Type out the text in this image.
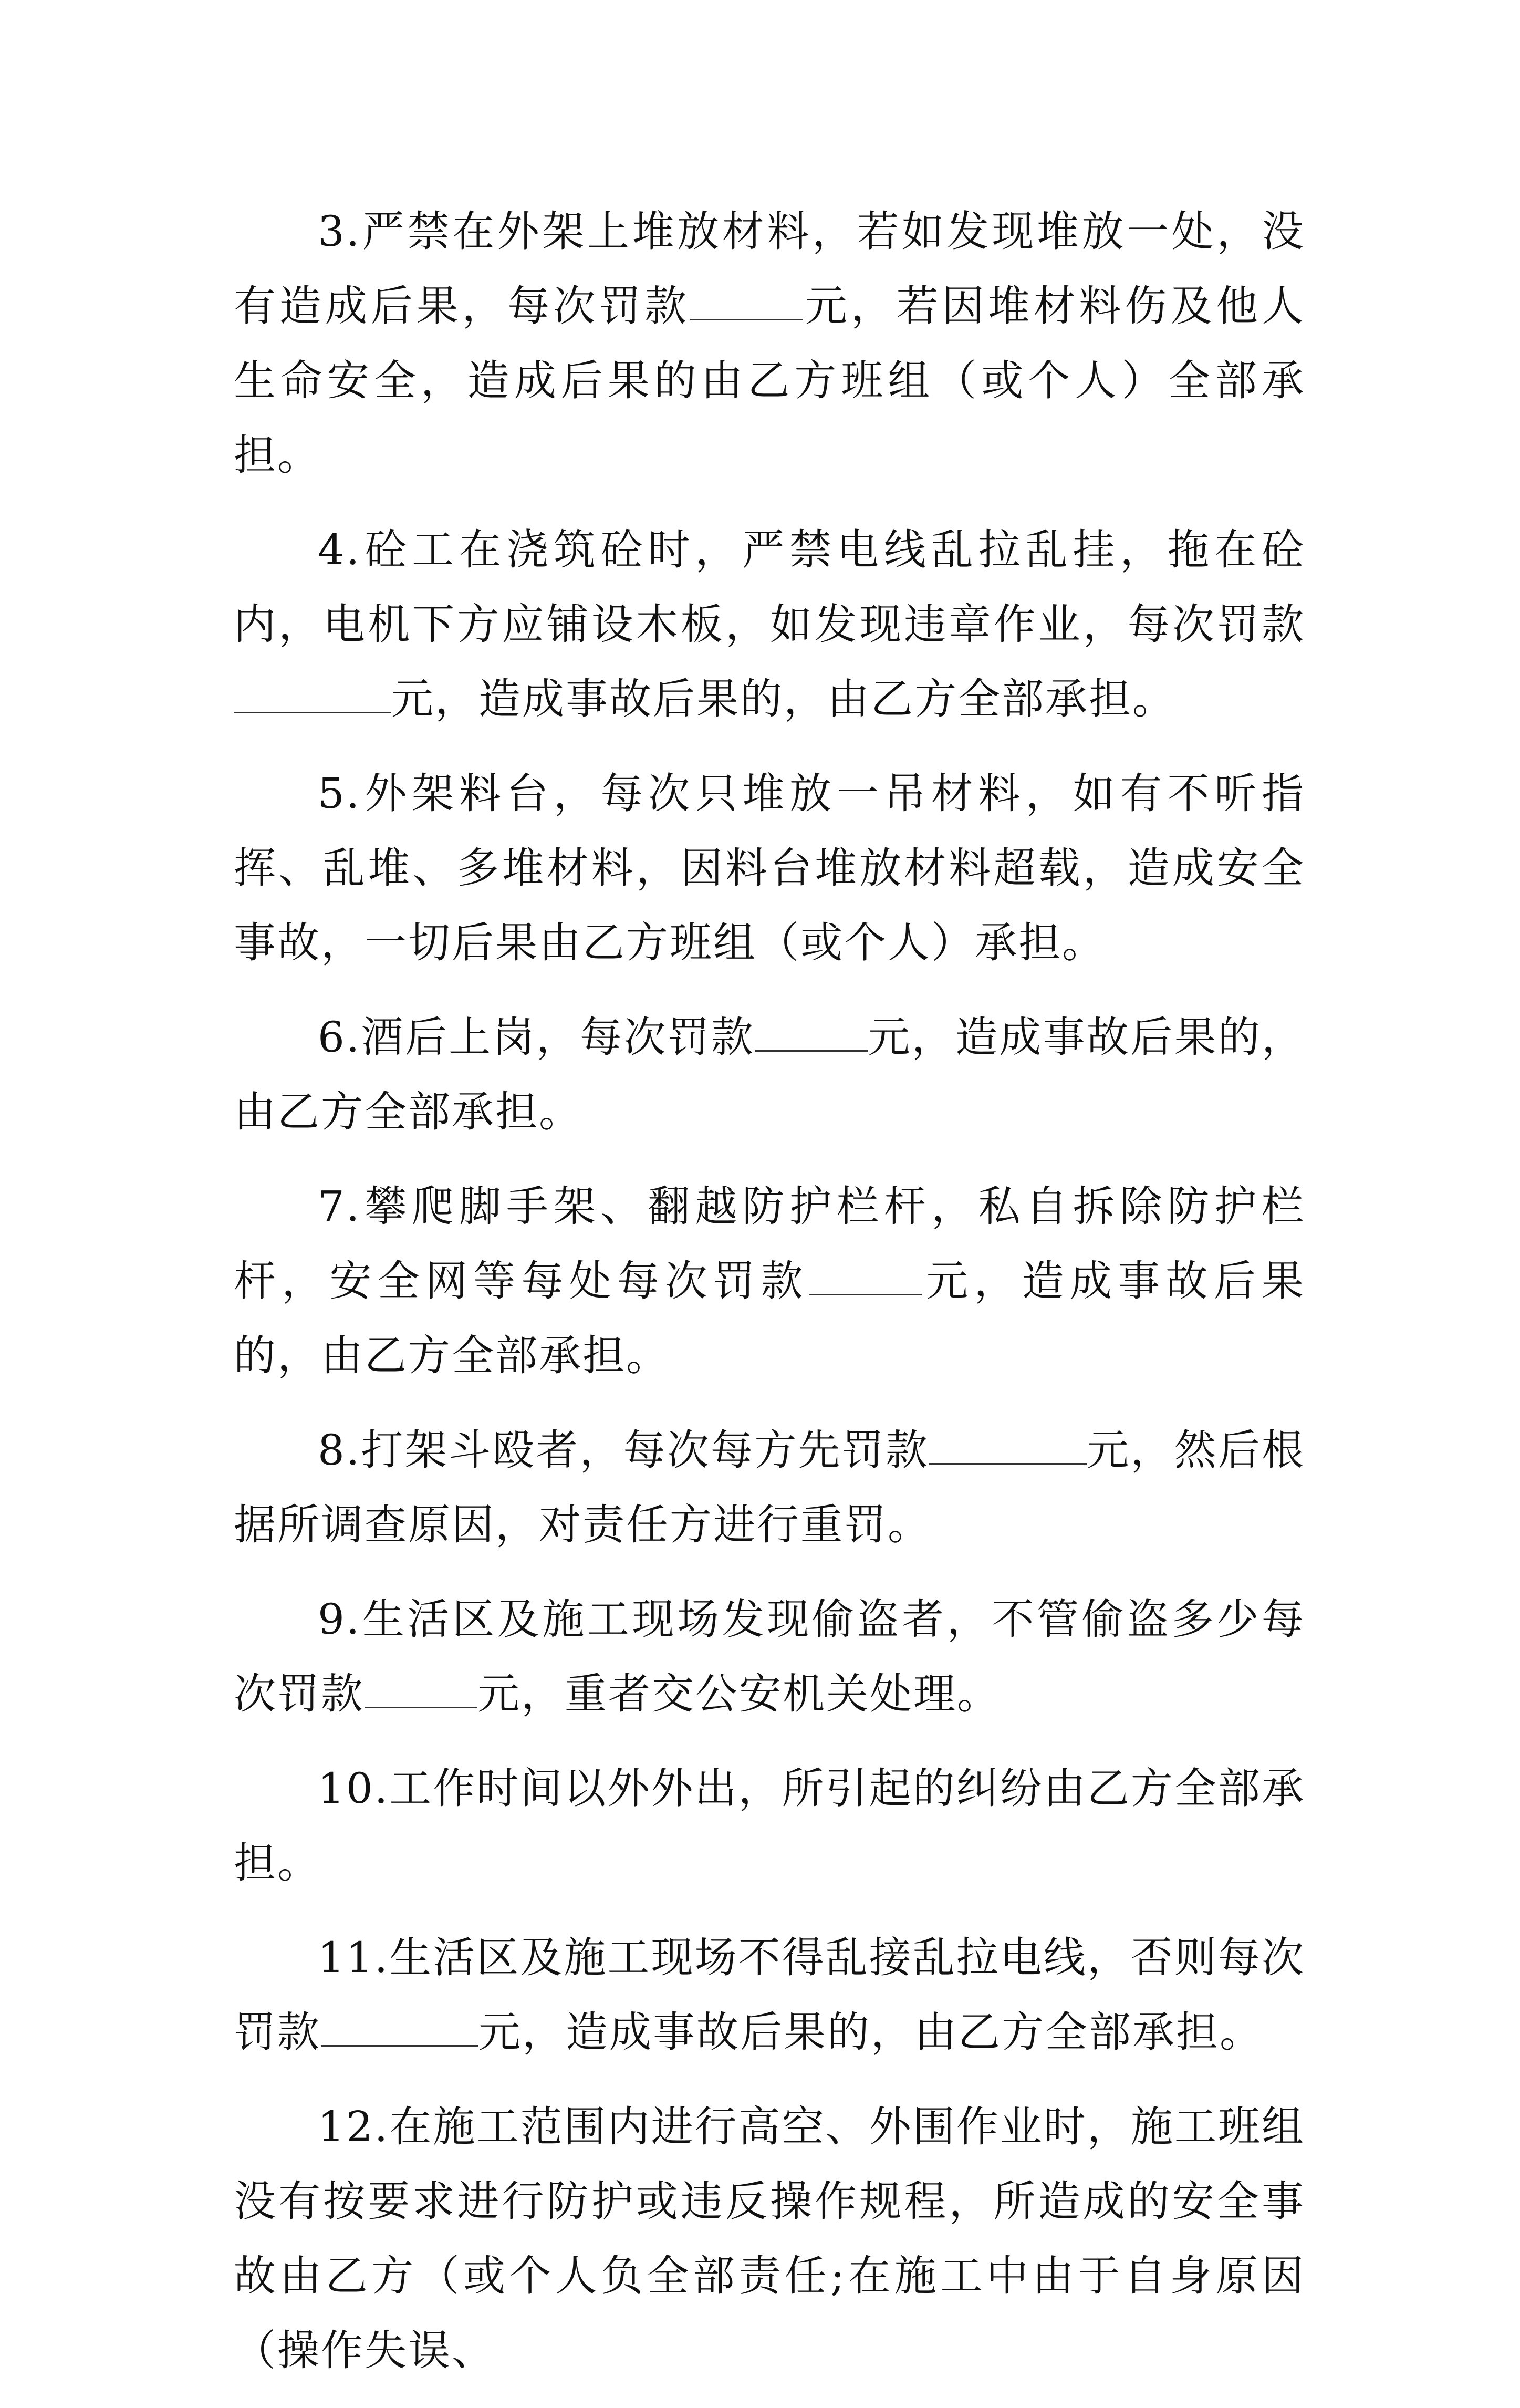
3.严禁在外架上堆放材料，若如发现堆放一处，没有造成后果，每次罚款	元，若因堆材料伤及他人生命安全，造成后果的由乙方班组（或个人）全部承担。

4.砼工在浇筑砼时，严禁电线乱拉乱挂，拖在砼内，电机下方应铺设木板，如发现违章作业，每次罚款元，造成事故后果的，由乙方全部承担。

5.外架料台，每次只堆放一吊材料，如有不听指挥、乱堆、多堆材料，因料台堆放材料超载，造成安全事故，一切后果由乙方班组（或个人）承担。

6.酒后上岗，每次罚款	元，造成事故后果的，由乙方全部承担。

7.攀爬脚手架、翻越防护栏杆，私自拆除防护栏杆，安全网等每处每次罚款	元，造成事故后果的，由乙方全部承担。

8.打架斗殴者，每次每方先罚款	元，然后根据所调查原因，对责任方进行重罚。

9.生活区及施工现场发现偷盗者，不管偷盗多少每次罚款	元，重者交公安机关处理。

10.工作时间以外外出，所引起的纠纷由乙方全部承担。

11.生活区及施工现场不得乱接乱拉电线，否则每次罚款	元，造成事故后果的，由乙方全部承担。

12.在施工范围内进行高空、外围作业时，施工班组没有按要求进行防护或违反操作规程，所造成的安全事故由乙方（或个人负全部责任;在施工中由于自身原因（操作失误、
